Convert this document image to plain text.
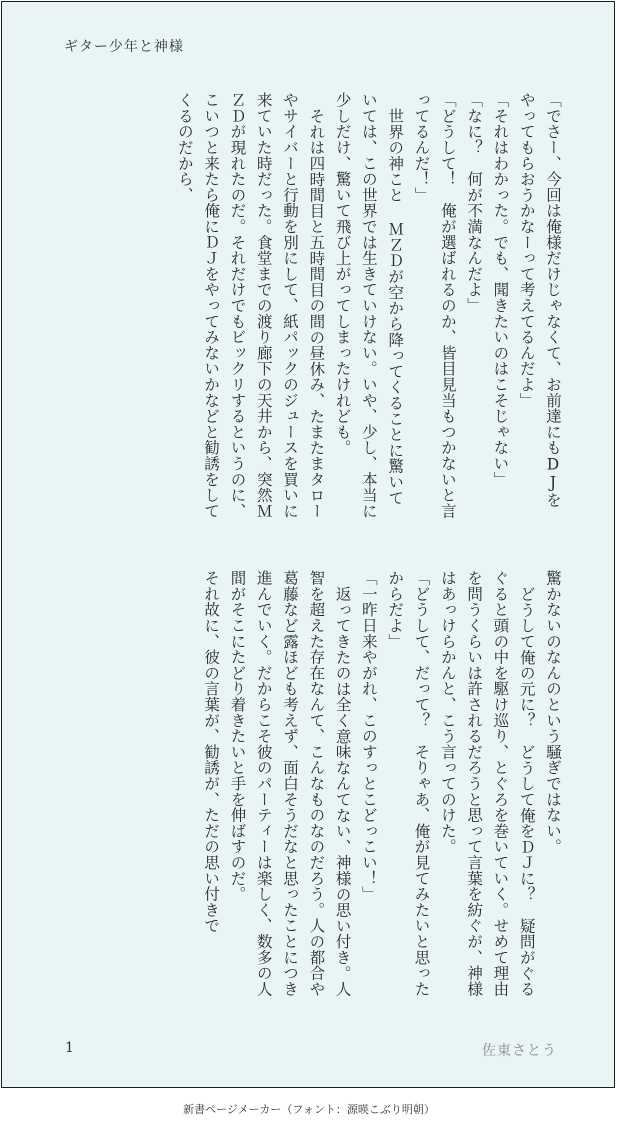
ギター少年と神様

「でさー、今回は俺様だけじゃなくて、お前達にもDJをやってもらおうかなーって考えてるんだよ」

「それはわかった。でも、聞きたいのはこそじゃない」

「なに？　何が不満なんだよ」

「どうして！　俺が選ばれるのか、皆目見当もつかないと言ってるんだ！」

世界の神こと ＭＺＤが空から降ってくることに驚いていては、この世界では生きていけない。いや、少し、本当に少しだけ、驚いて飛び上がってしまったけれども。

それは四時間目と五時間目の間の昼休み、たまたまタローやサイバーと行動を別にして、紙パックのジュースを買いに来ていた時だった。食堂までの渡り廊下の天井から、突然ＭＺＤが現れたのだ。それだけでもビックリするというのに、こいつと来たら俺にＤＪをやってみないかなどと勧誘をしてくるのだから、

驚かないのなんのという騒ぎではない。

どうして俺の元に？　どうして俺をＤＪに？　疑問がぐるぐると頭の中を駆け巡り、とぐろを巻いていく。せめて理由を問うくらいは許されるだろうと思って言葉を紡ぐが、神様はあっけらかんと、こう言ってのけた。

「どうして、だって？　そりゃあ、俺が見てみたいと思ったからだよ」

「一昨日来やがれ、このすっとこどっこい！」

返ってきたのは全く意味なんてない、神様の思い付き。人智を超えた存在なんて、こんなものなのだろう。人の都合や葛藤など露ほども考えず、面白そうだなと思ったことにつき進んでいく。だからこそ彼のパーティーは楽しく、数多の人間がそこにたどり着きたいと手を伸ばすのだ。

それ故に、彼の言葉が、勧誘が、ただの思い付きで

1	佐東さとう
新書ページメーカー（フォント：源暎こぶり明朝）
